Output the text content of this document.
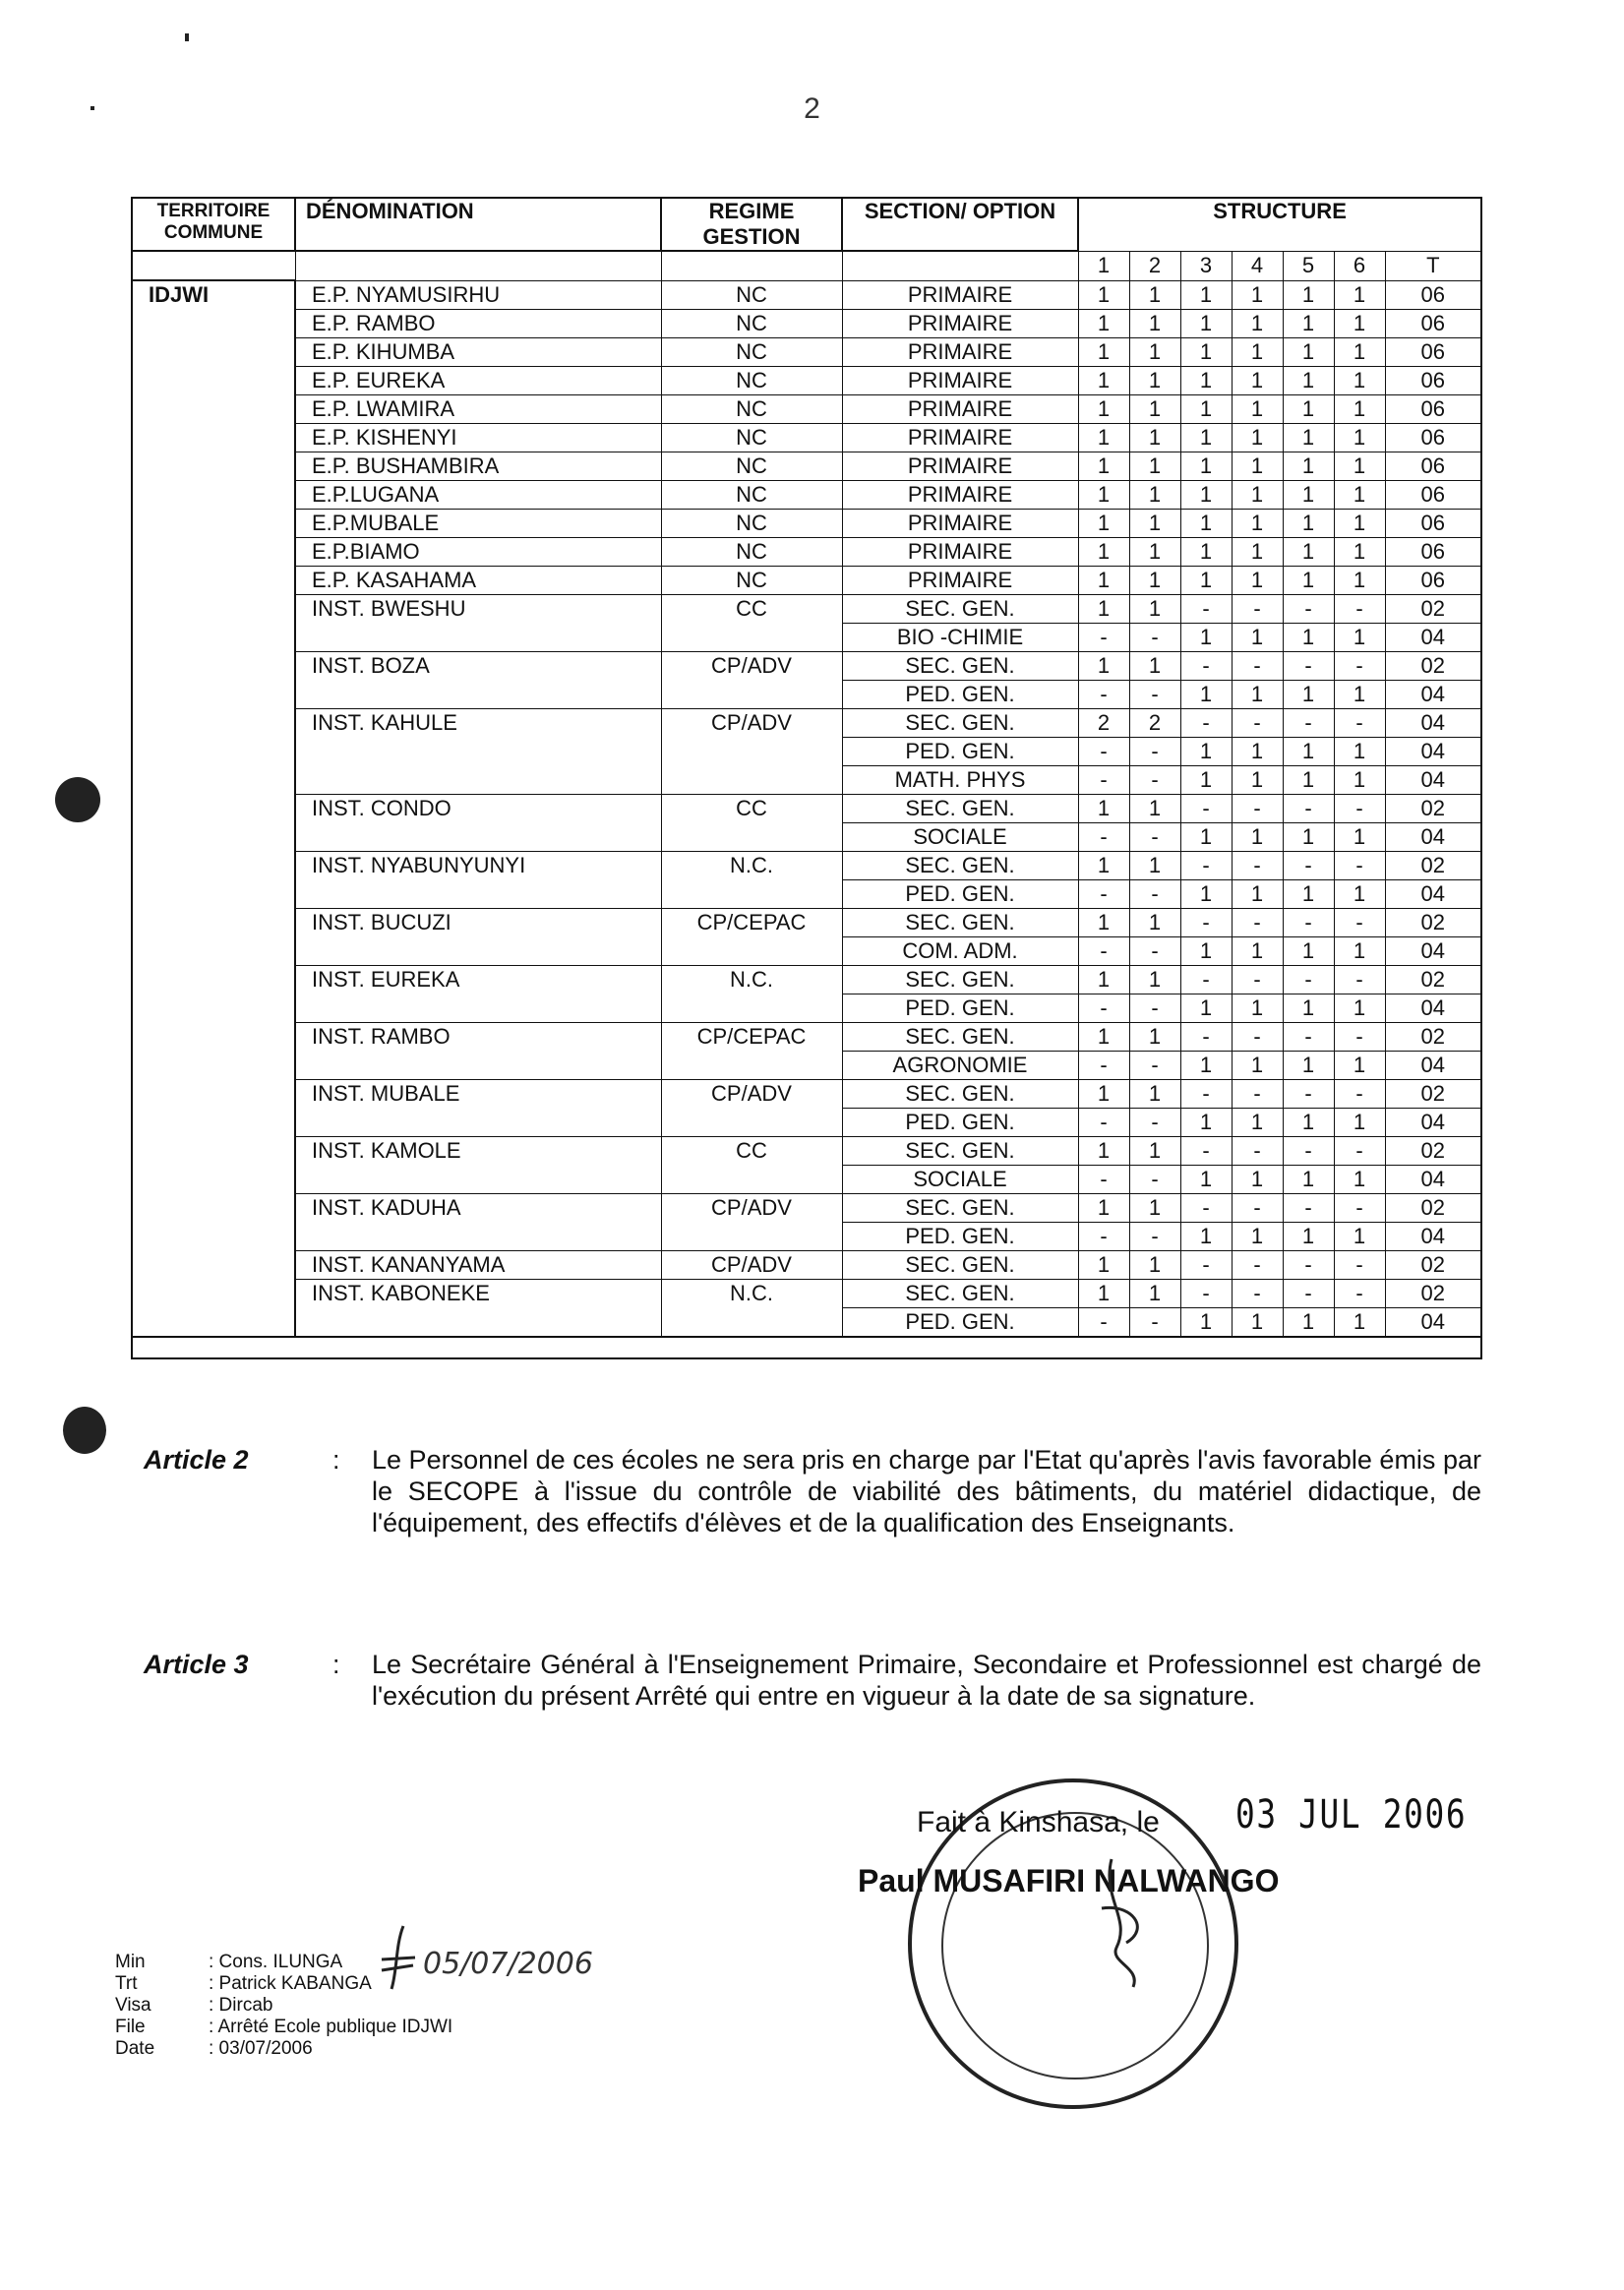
2
TERRITOIRE COMMUNE	DÉNOMINATION	REGIME GESTION	SECTION/ OPTION	STRUCTURE						
				1	2	3	4	5	6	T
IDJWI	E.P. NYAMUSIRHU	NC	PRIMAIRE	1	1	1	1	1	1	06
	E.P. RAMBO	NC	PRIMAIRE	1	1	1	1	1	1	06
	E.P. KIHUMBA	NC	PRIMAIRE	1	1	1	1	1	1	06
	E.P. EUREKA	NC	PRIMAIRE	1	1	1	1	1	1	06
	E.P. LWAMIRA	NC	PRIMAIRE	1	1	1	1	1	1	06
	E.P. KISHENYI	NC	PRIMAIRE	1	1	1	1	1	1	06
	E.P. BUSHAMBIRA	NC	PRIMAIRE	1	1	1	1	1	1	06
	E.P.LUGANA	NC	PRIMAIRE	1	1	1	1	1	1	06
	E.P.MUBALE	NC	PRIMAIRE	1	1	1	1	1	1	06
	E.P.BIAMO	NC	PRIMAIRE	1	1	1	1	1	1	06
	E.P. KASAHAMA	NC	PRIMAIRE	1	1	1	1	1	1	06
	INST. BWESHU	CC	SEC. GEN.	1	1	-	-	-	-	02
			BIO -CHIMIE	-	-	1	1	1	1	04
	INST. BOZA	CP/ADV	SEC. GEN.	1	1	-	-	-	-	02
			PED. GEN.	-	-	1	1	1	1	04
	INST. KAHULE	CP/ADV	SEC. GEN.	2	2	-	-	-	-	04
			PED. GEN.	-	-	1	1	1	1	04
			MATH. PHYS	-	-	1	1	1	1	04
	INST. CONDO	CC	SEC. GEN.	1	1	-	-	-	-	02
			SOCIALE	-	-	1	1	1	1	04
	INST. NYABUNYUNYI	N.C.	SEC. GEN.	1	1	-	-	-	-	02
			PED. GEN.	-	-	1	1	1	1	04
	INST. BUCUZI	CP/CEPAC	SEC. GEN.	1	1	-	-	-	-	02
			COM. ADM.	-	-	1	1	1	1	04
	INST. EUREKA	N.C.	SEC. GEN.	1	1	-	-	-	-	02
			PED. GEN.	-	-	1	1	1	1	04
	INST. RAMBO	CP/CEPAC	SEC. GEN.	1	1	-	-	-	-	02
			AGRONOMIE	-	-	1	1	1	1	04
	INST. MUBALE	CP/ADV	SEC. GEN.	1	1	-	-	-	-	02
			PED. GEN.	-	-	1	1	1	1	04
	INST. KAMOLE	CC	SEC. GEN.	1	1	-	-	-	-	02
			SOCIALE	-	-	1	1	1	1	04
	INST. KADUHA	CP/ADV	SEC. GEN.	1	1	-	-	-	-	02
			PED. GEN.	-	-	1	1	1	1	04
	INST. KANANYAMA	CP/ADV	SEC. GEN.	1	1	-	-	-	-	02
	INST. KABONEKE	N.C.	SEC. GEN.	1	1	-	-	-	-	02
			PED. GEN.	-	-	1	1	1	1	04

Article 2	: Le Personnel de ces écoles ne sera pris en charge par l'Etat qu'après l'avis favorable émis par le SECOPE à l'issue du contrôle de viabilité des bâtiments, du matériel didactique, de l'équipement, des effectifs d'élèves et de la qualification des Enseignants.
Article 3	: Le Secrétaire Général à l'Enseignement Primaire, Secondaire et Professionnel est chargé de l'exécution du présent Arrêté qui entre en vigueur à la date de sa signature.
Fait à Kinshasa, le 03 JUL 2006
Paul MUSAFIRI NALWANGO
Min	: Cons. ILUNGA
Trt	: Patrick KABANGA
Visa	: Dircab
File	: Arrêté Ecole publique IDJWI
Date	: 03/07/2006
05/07/2006
